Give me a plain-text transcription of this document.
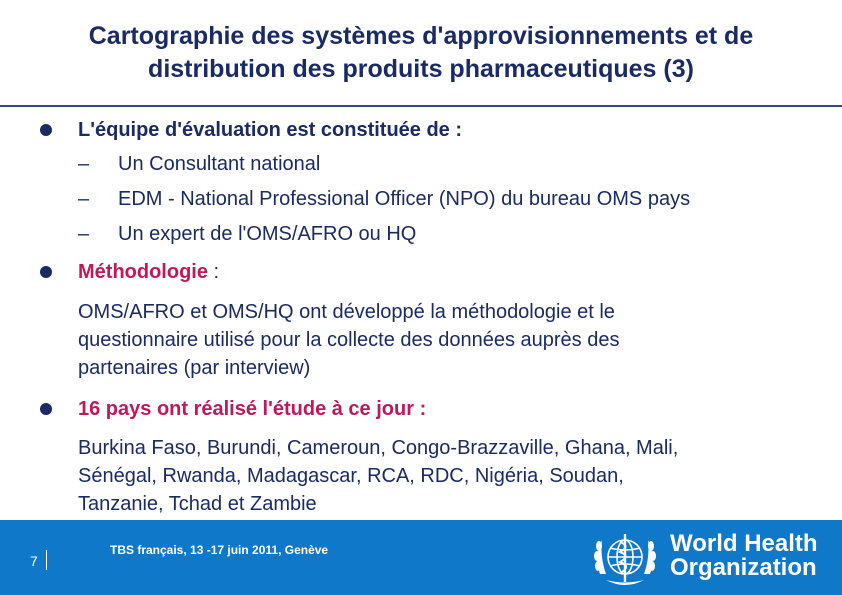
Cartographie des systèmes d'approvisionnements et de
distribution des produits pharmaceutiques (3)
L'équipe d'évaluation est constituée de :
– Un Consultant national
– EDM - National Professional Officer (NPO) du bureau OMS pays
– Un expert de l'OMS/AFRO ou HQ
Méthodologie :
OMS/AFRO et OMS/HQ ont développé la méthodologie et le
questionnaire utilisé pour la collecte des données auprès des
partenaires (par interview)
16 pays ont réalisé l'étude à ce jour :
Burkina Faso, Burundi, Cameroun, Congo-Brazzaville, Ghana, Mali,
Sénégal, Rwanda, Madagascar, RCA, RDC, Nigéria, Soudan,
Tanzanie, Tchad et Zambie
7
TBS français, 13 -17 juin 2011, Genève	World Health
Organization
